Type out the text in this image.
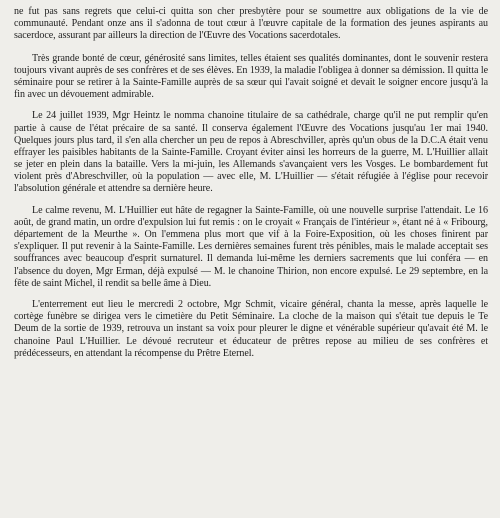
ne fut pas sans regrets que celui-ci quitta son cher presbytère pour se soumettre aux obligations de la vie de communauté. Pendant onze ans il s'adonna de tout cœur à l'œuvre capitale de la formation des jeunes aspirants au sacerdoce, assurant par ailleurs la direction de l'Œuvre des Vocations sacerdotales.

Très grande bonté de cœur, générosité sans limites, telles étaient ses qualités dominantes, dont le souvenir restera toujours vivant auprès de ses confrères et de ses élèves. En 1939, la maladie l'obligea à donner sa démission. Il quitta le séminaire pour se retirer à la Sainte-Famille auprès de sa sœur qui l'avait soigné et devait le soigner encore jusqu'à la fin avec un dévouement admirable.

Le 24 juillet 1939, Mgr Heintz le nomma chanoine titulaire de sa cathédrale, charge qu'il ne put remplir qu'en partie à cause de l'état précaire de sa santé. Il conserva également l'Œuvre des Vocations jusqu'au 1er mai 1940. Quelques jours plus tard, il s'en alla chercher un peu de repos à Abreschviller, après qu'un obus de la D.C.A était venu effrayer les paisibles habitants de la Sainte-Famille. Croyant éviter ainsi les horreurs de la guerre, M. L'Huillier allait se jeter en plein dans la bataille. Vers la mi-juin, les Allemands s'avançaient vers les Vosges. Le bombardement fut violent près d'Abreschviller, où la population — avec elle, M. L'Huillier — s'était réfugiée à l'église pour recevoir l'absolution générale et attendre sa dernière heure.

Le calme revenu, M. L'Huillier eut hâte de regagner la Sainte-Famille, où une nouvelle surprise l'attendait. Le 16 août, de grand matin, un ordre d'expulsion lui fut remis : on le croyait « Français de l'intérieur », étant né à « Fribourg, département de la Meurthe ». On l'emmena plus mort que vif à la Foire-Exposition, où les choses finirent par s'expliquer. Il put revenir à la Sainte-Famille. Les dernières semaines furent très pénibles, mais le malade acceptait ses souffrances avec beaucoup d'esprit surnaturel. Il demanda lui-même les derniers sacrements que lui conféra — en l'absence du doyen, Mgr Erman, déjà expulsé — M. le chanoine Thirion, non encore expulsé. Le 29 septembre, en la fête de saint Michel, il rendit sa belle âme à Dieu.

L'enterrement eut lieu le mercredi 2 octobre, Mgr Schmit, vicaire général, chanta la messe, après laquelle le cortège funèbre se dirigea vers le cimetière du Petit Séminaire. La cloche de la maison qui s'était tue depuis le Te Deum de la sortie de 1939, retrouva un instant sa voix pour pleurer le digne et vénérable supérieur qu'avait été M. le chanoine Paul L'Huillier. Le dévoué recruteur et éducateur de prêtres repose au milieu de ses confrères et prédécesseurs, en attendant la récompense du Prêtre Eternel.
